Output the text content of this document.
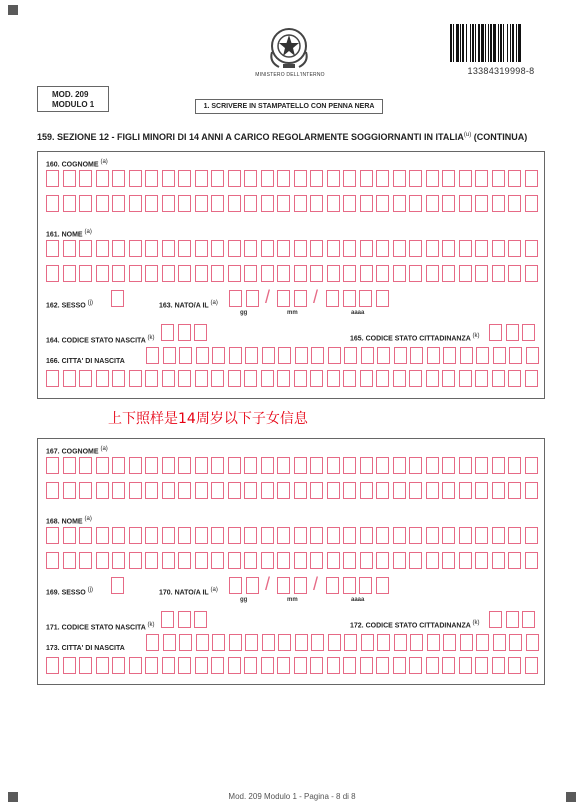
MINISTERO DELL'INTERNO	13384319998-8
MOD. 209
MODULO 1	1. SCRIVERE IN STAMPATELLO CON PENNA NERA
159. SEZIONE 12 - FIGLI MINORI DI 14 ANNI A CARICO REGOLARMENTE SOGGIORNANTI IN ITALIA$^{(u)}$ (CONTINUA)
160. COGNOME $^{(a)}$
161. NOME $^{(a)}$
162. SESSO $^{(j)}$	163. NATO/A IL $^{(a)}$	/ /
gg	mm	aaaa
164. CODICE STATO NASCITA $^{(k)}$	165. CODICE STATO CITTADINANZA $^{(k)}$
166. CITTA' DI NASCITA
上下照样是14周岁以下子女信息
167. COGNOME $^{(a)}$
168. NOME $^{(a)}$
169. SESSO $^{(j)}$	170. NATO/A IL $^{(a)}$	/ /
gg	mm	aaaa
171. CODICE STATO NASCITA $^{(k)}$	172. CODICE STATO CITTADINANZA $^{(k)}$
173. CITTA' DI NASCITA
Mod. 209 Modulo 1 - Pagina - 8 di 8
